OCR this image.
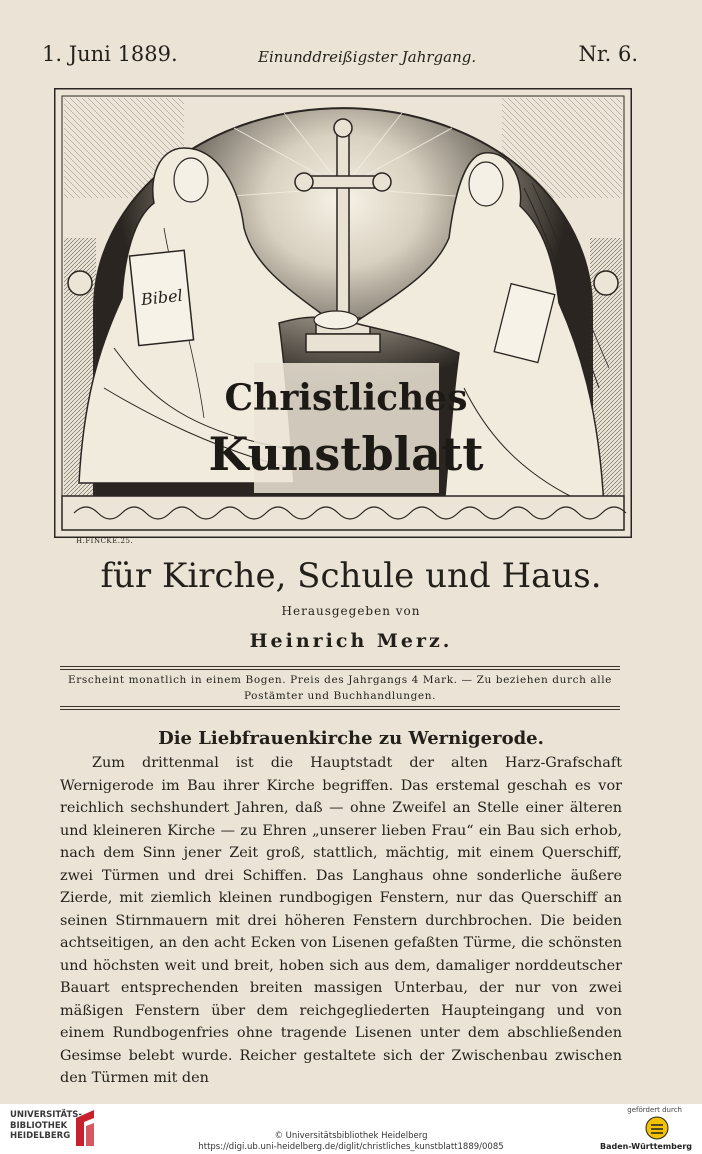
1. Juni 1889.	Einunddreißigster Jahrgang.	Nr. 6.
Bibel
Christliches
Kunstblatt
H.FINCKE.25.
für Kirche, Schule und Haus.
Herausgegeben von
Heinrich Merz.
Erscheint monatlich in einem Bogen. Preis des Jahrgangs 4 Mark. — Zu beziehen durch alle Postämter und Buchhandlungen.
Die Liebfrauenkirche zu Wernigerode.

Zum drittenmal ist die Hauptstadt der alten Harz-Grafschaft Wernigerode im Bau ihrer Kirche begriffen. Das erstemal geschah es vor reichlich sechshundert Jahren, daß — ohne Zweifel an Stelle einer älteren und kleineren Kirche — zu Ehren „unserer lieben Frau“ ein Bau sich erhob, nach dem Sinn jener Zeit groß, stattlich, mächtig, mit einem Querschiff, zwei Türmen und drei Schiffen. Das Langhaus ohne sonderliche äußere Zierde, mit ziemlich kleinen rundbogigen Fenstern, nur das Querschiff an seinen Stirnmauern mit drei höheren Fenstern durchbrochen. Die beiden achtseitigen, an den acht Ecken von Lisenen gefaßten Türme, die schönsten und höchsten weit und breit, hoben sich aus dem, damaliger norddeutscher Bauart entsprechenden breiten massigen Unterbau, der nur von zwei mäßigen Fenstern über dem reichgegliederten Haupteingang und von einem Rundbogenfries ohne tragende Lisenen unter dem abschließenden Gesimse belebt wurde. Reicher gestaltete sich der Zwischenbau zwischen den Türmen mit den

UNIVERSITÄTS-
BIBLIOTHEK
HEIDELBERG	© Universitätsbibliothek Heidelberg
https://digi.ub.uni-heidelberg.de/diglit/christliches_kunstblatt1889/0085
gefördert durch
Baden-Württemberg
